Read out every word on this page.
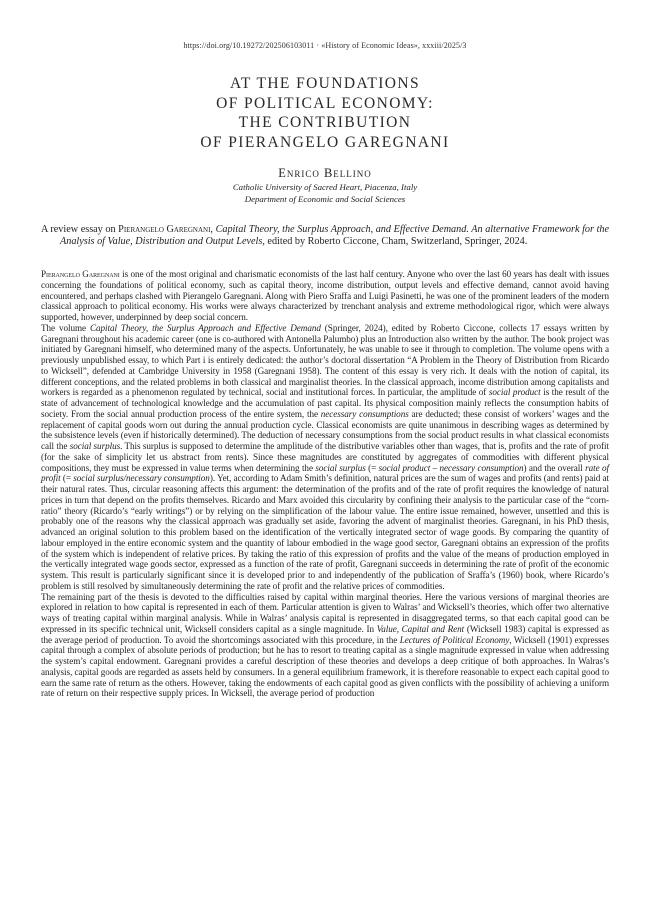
https://doi.org/10.19272/202506103011 · «History of Economic Ideas», xxxiii/2025/3
AT THE FOUNDATIONS
OF POLITICAL ECONOMY:
THE CONTRIBUTION
OF PIERANGELO GAREGNANI
Enrico Bellino
Catholic University of Sacred Heart, Piacenza, Italy
Department of Economic and Social Sciences
A review essay on Pierangelo Garegnani, Capital Theory, the Surplus Approach, and Effective Demand. An alternative Framework for the Analysis of Value, Distribution and Output Levels, edited by Roberto Ciccone, Cham, Switzerland, Springer, 2024.

Pierangelo Garegnani is one of the most original and charismatic economists of the last half century. Anyone who over the last 60 years has dealt with issues concerning the foundations of political economy, such as capital theory, income distribution, output levels and effective demand, cannot avoid having encountered, and perhaps clashed with Pierangelo Garegnani. Along with Piero Sraffa and Luigi Pasinetti, he was one of the prominent leaders of the modern classical approach to political economy. His works were always characterized by trenchant analysis and extreme methodological rigor, which were always supported, however, underpinned by deep social concern.

The volume Capital Theory, the Surplus Approach and Effective Demand (Springer, 2024), edited by Roberto Ciccone, collects 17 essays written by Garegnani throughout his academic career (one is co-authored with Antonella Palumbo) plus an Introduction also written by the author. The book project was initiated by Garegnani himself, who determined many of the aspects. Unfortunately, he was unable to see it through to completion. The volume opens with a previously unpublished essay, to which Part i is entirely dedicated: the author’s doctoral dissertation “A Problem in the Theory of Distribution from Ricardo to Wicksell”, defended at Cambridge University in 1958 (Garegnani 1958). The content of this essay is very rich. It deals with the notion of capital, its different conceptions, and the related problems in both classical and marginalist theories. In the classical approach, income distribution among capitalists and workers is regarded as a phenomenon regulated by technical, social and institutional forces. In particular, the amplitude of social product is the result of the state of advancement of technological knowledge and the accumulation of past capital. Its physical composition mainly reflects the consumption habits of society. From the social annual production process of the entire system, the necessary consumptions are deducted; these consist of workers’ wages and the replacement of capital goods worn out during the annual production cycle. Classical economists are quite unanimous in describing wages as determined by the subsistence levels (even if historically determined). The deduction of necessary consumptions from the social product results in what classical economists call the social surplus. This surplus is supposed to determine the amplitude of the distributive variables other than wages, that is, profits and the rate of profit (for the sake of simplicity let us abstract from rents). Since these magnitudes are constituted by aggregates of commodities with different physical compositions, they must be expressed in value terms when determining the social surplus (= social product – necessary consumption) and the overall rate of profit (= social surplus/necessary consumption). Yet, according to Adam Smith’s definition, natural prices are the sum of wages and profits (and rents) paid at their natural rates. Thus, circular reasoning affects this argument: the determination of the profits and of the rate of profit requires the knowledge of natural prices in turn that depend on the profits themselves. Ricardo and Marx avoided this circularity by confining their analysis to the particular case of the “corn-ratio” theory (Ricardo’s “early writings”) or by relying on the simplification of the labour value. The entire issue remained, however, unsettled and this is probably one of the reasons why the classical approach was gradually set aside, favoring the advent of marginalist theories. Garegnani, in his PhD thesis, advanced an original solution to this problem based on the identification of the vertically integrated sector of wage goods. By comparing the quantity of labour employed in the entire economic system and the quantity of labour embodied in the wage good sector, Garegnani obtains an expression of the profits of the system which is independent of relative prices. By taking the ratio of this expression of profits and the value of the means of production employed in the vertically integrated wage goods sector, expressed as a function of the rate of profit, Garegnani succeeds in determining the rate of profit of the economic system. This result is particularly significant since it is developed prior to and independently of the publication of Sraffa’s (1960) book, where Ricardo’s problem is still resolved by simultaneously determining the rate of profit and the relative prices of commodities.

The remaining part of the thesis is devoted to the difficulties raised by capital within marginal theories. Here the various versions of marginal theories are explored in relation to how capital is represented in each of them. Particular attention is given to Walras’ and Wicksell’s theories, which offer two alternative ways of treating capital within marginal analysis. While in Walras’ analysis capital is represented in disaggregated terms, so that each capital good can be expressed in its specific technical unit, Wicksell considers capital as a single magnitude. In Value, Capital and Rent (Wicksell 1983) capital is expressed as the average period of production. To avoid the shortcomings associated with this procedure, in the Lectures of Political Economy, Wicksell (1901) expresses capital through a complex of absolute periods of production; but he has to resort to treating capital as a single magnitude expressed in value when addressing the system’s capital endowment. Garegnani provides a careful description of these theories and develops a deep critique of both approaches. In Walras’s analysis, capital goods are regarded as assets held by consumers. In a general equilibrium framework, it is therefore reasonable to expect each capital good to earn the same rate of return as the others. However, taking the endowments of each capital good as given conflicts with the possibility of achieving a uniform rate of return on their respective supply prices. In Wicksell, the average period of production
